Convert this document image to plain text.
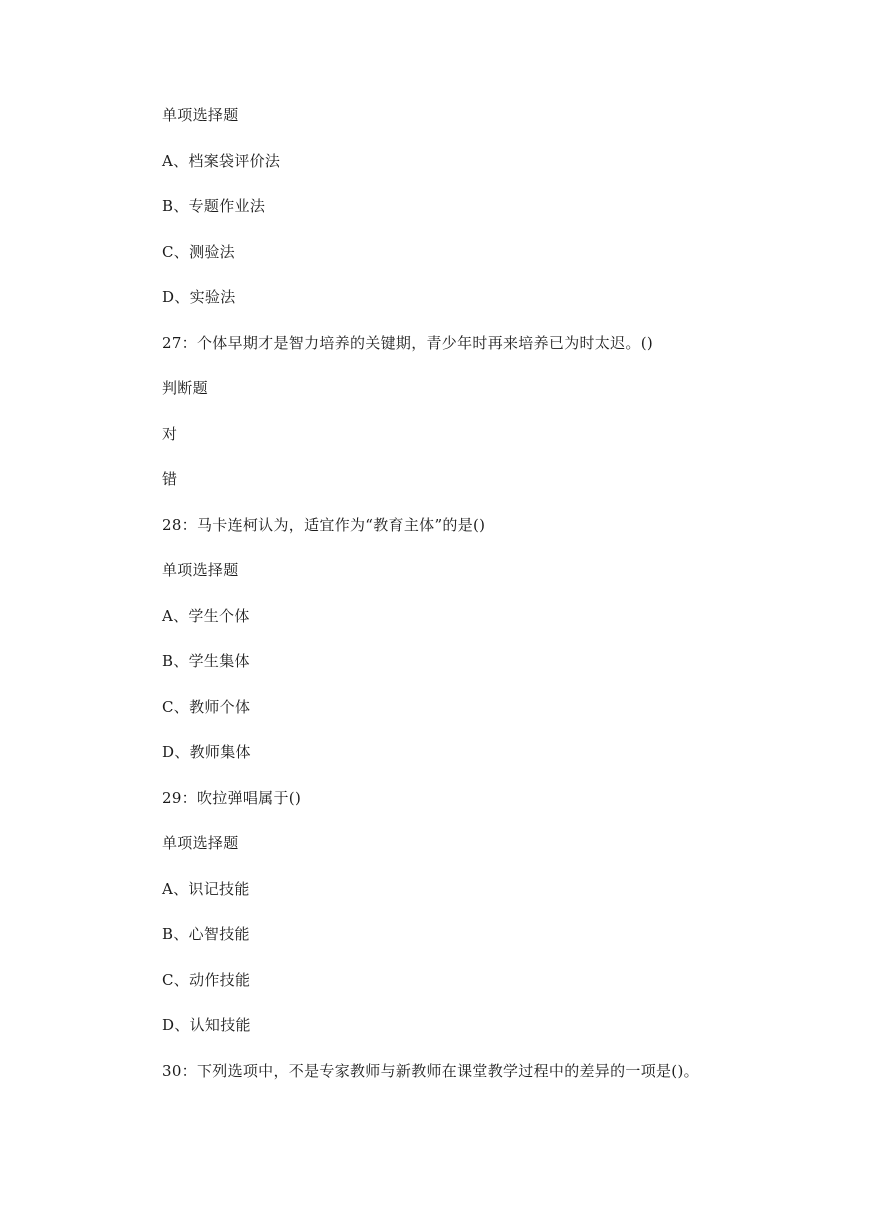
单项选择题
A、档案袋评价法
B、专题作业法
C、测验法
D、实验法
27：个体早期才是智力培养的关键期，青少年时再来培养已为时太迟。()
判断题
对
错
28：马卡连柯认为，适宜作为“教育主体”的是()
单项选择题
A、学生个体
B、学生集体
C、教师个体
D、教师集体
29：吹拉弹唱属于()
单项选择题
A、识记技能
B、心智技能
C、动作技能
D、认知技能
30：下列选项中，不是专家教师与新教师在课堂教学过程中的差异的一项是()。
